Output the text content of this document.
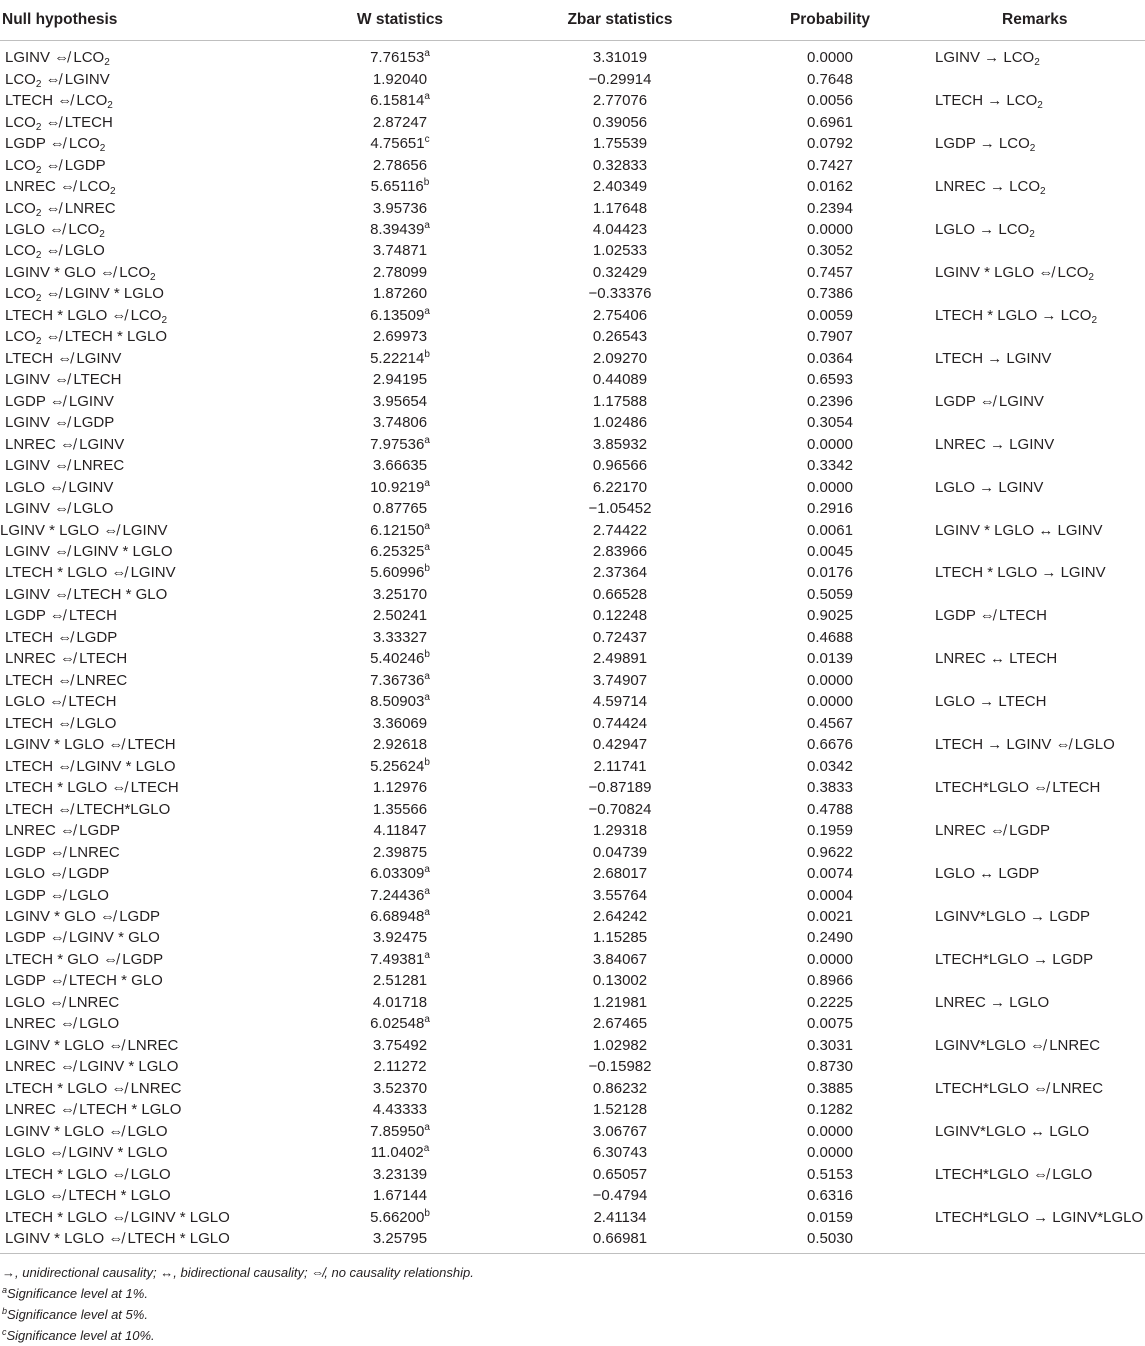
Null hypothesis	W statistics	Zbar statistics	Probability	Remarks
LGINV ⇎ $LCO_2$	7.76153$^a$	3.31019	0.0000	LGINV → $LCO_2$
$LCO_2$ ⇎ LGINV	1.92040	−0.29914	0.7648	
LTECH ⇎ $LCO_2$	6.15814$^a$	2.77076	0.0056	LTECH → $LCO_2$
$LCO_2$ ⇎ LTECH	2.87247	0.39056	0.6961	
LGDP ⇎ $LCO_2$	4.75651$^c$	1.75539	0.0792	LGDP → $LCO_2$
$LCO_2$ ⇎ LGDP	2.78656	0.32833	0.7427	
LNREC ⇎ $LCO_2$	5.65116$^b$	2.40349	0.0162	LNREC → $LCO_2$
$LCO_2$ ⇎ LNREC	3.95736	1.17648	0.2394	
LGLO ⇎ $LCO_2$	8.39439$^a$	4.04423	0.0000	LGLO → $LCO_2$
$LCO_2$ ⇎ LGLO	3.74871	1.02533	0.3052	
LGINV * GLO ⇎ $LCO_2$	2.78099	0.32429	0.7457	LGINV * LGLO ⇎ $LCO_2$
$LCO_2$ ⇎ LGINV * LGLO	1.87260	−0.33376	0.7386	
LTECH * LGLO ⇎ $LCO_2$	6.13509$^a$	2.75406	0.0059	LTECH * LGLO → $LCO_2$
$LCO_2$ ⇎ LTECH * LGLO	2.69973	0.26543	0.7907	
LTECH ⇎ LGINV	5.22214$^b$	2.09270	0.0364	LTECH → LGINV
LGINV ⇎ LTECH	2.94195	0.44089	0.6593	
LGDP ⇎ LGINV	3.95654	1.17588	0.2396	LGDP ⇎ LGINV
LGINV ⇎ LGDP	3.74806	1.02486	0.3054	
LNREC ⇎ LGINV	7.97536$^a$	3.85932	0.0000	LNREC → LGINV
LGINV ⇎ LNREC	3.66635	0.96566	0.3342	
LGLO ⇎ LGINV	10.9219$^a$	6.22170	0.0000	LGLO → LGINV
LGINV ⇎ LGLO	0.87765	−1.05452	0.2916	
LGINV * LGLO ⇎ LGINV	6.12150$^a$	2.74422	0.0061	LGINV * LGLO ↔ LGINV
LGINV ⇎ LGINV * LGLO	6.25325$^a$	2.83966	0.0045	
LTECH * LGLO ⇎ LGINV	5.60996$^b$	2.37364	0.0176	LTECH * LGLO → LGINV
LGINV ⇎ LTECH * GLO	3.25170	0.66528	0.5059	
LGDP ⇎ LTECH	2.50241	0.12248	0.9025	LGDP ⇎ LTECH
LTECH ⇎ LGDP	3.33327	0.72437	0.4688	
LNREC ⇎ LTECH	5.40246$^b$	2.49891	0.0139	LNREC ↔ LTECH
LTECH ⇎ LNREC	7.36736$^a$	3.74907	0.0000	
LGLO ⇎ LTECH	8.50903$^a$	4.59714	0.0000	LGLO → LTECH
LTECH ⇎ LGLO	3.36069	0.74424	0.4567	
LGINV * LGLO ⇎ LTECH	2.92618	0.42947	0.6676	LTECH → LGINV ⇎ LGLO
LTECH ⇎ LGINV * LGLO	5.25624$^b$	2.11741	0.0342	
LTECH * LGLO ⇎ LTECH	1.12976	−0.87189	0.3833	LTECH*LGLO ⇎ LTECH
LTECH ⇎ LTECH*LGLO	1.35566	−0.70824	0.4788	
LNREC ⇎ LGDP	4.11847	1.29318	0.1959	LNREC ⇎ LGDP
LGDP ⇎ LNREC	2.39875	0.04739	0.9622	
LGLO ⇎ LGDP	6.03309$^a$	2.68017	0.0074	LGLO ↔ LGDP
LGDP ⇎ LGLO	7.24436$^a$	3.55764	0.0004	
LGINV * GLO ⇎ LGDP	6.68948$^a$	2.64242	0.0021	LGINV*LGLO → LGDP
LGDP ⇎ LGINV * GLO	3.92475	1.15285	0.2490	
LTECH * GLO ⇎ LGDP	7.49381$^a$	3.84067	0.0000	LTECH*LGLO → LGDP
LGDP ⇎ LTECH * GLO	2.51281	0.13002	0.8966	
LGLO ⇎ LNREC	4.01718	1.21981	0.2225	LNREC → LGLO
LNREC ⇎ LGLO	6.02548$^a$	2.67465	0.0075	
LGINV * LGLO ⇎ LNREC	3.75492	1.02982	0.3031	LGINV*LGLO ⇎ LNREC
LNREC ⇎ LGINV * LGLO	2.11272	−0.15982	0.8730	
LTECH * LGLO ⇎ LNREC	3.52370	0.86232	0.3885	LTECH*LGLO ⇎ LNREC
LNREC ⇎ LTECH * LGLO	4.43333	1.52128	0.1282	
LGINV * LGLO ⇎ LGLO	7.85950$^a$	3.06767	0.0000	LGINV*LGLO ↔ LGLO
LGLO ⇎ LGINV * LGLO	11.0402$^a$	6.30743	0.0000	
LTECH * LGLO ⇎ LGLO	3.23139	0.65057	0.5153	LTECH*LGLO ⇎ LGLO
LGLO ⇎ LTECH * LGLO	1.67144	−0.4794	0.6316	
LTECH * LGLO ⇎ LGINV * LGLO	5.66200$^b$	2.41134	0.0159	LTECH*LGLO → LGINV*LGLO
LGINV * LGLO ⇎ LTECH * LGLO	3.25795	0.66981	0.5030	
→, unidirectional causality; ↔, bidirectional causality; ⇎, no causality relationship.
$^a$Significance level at 1%.
$^b$Significance level at 5%.
$^c$Significance level at 10%.
